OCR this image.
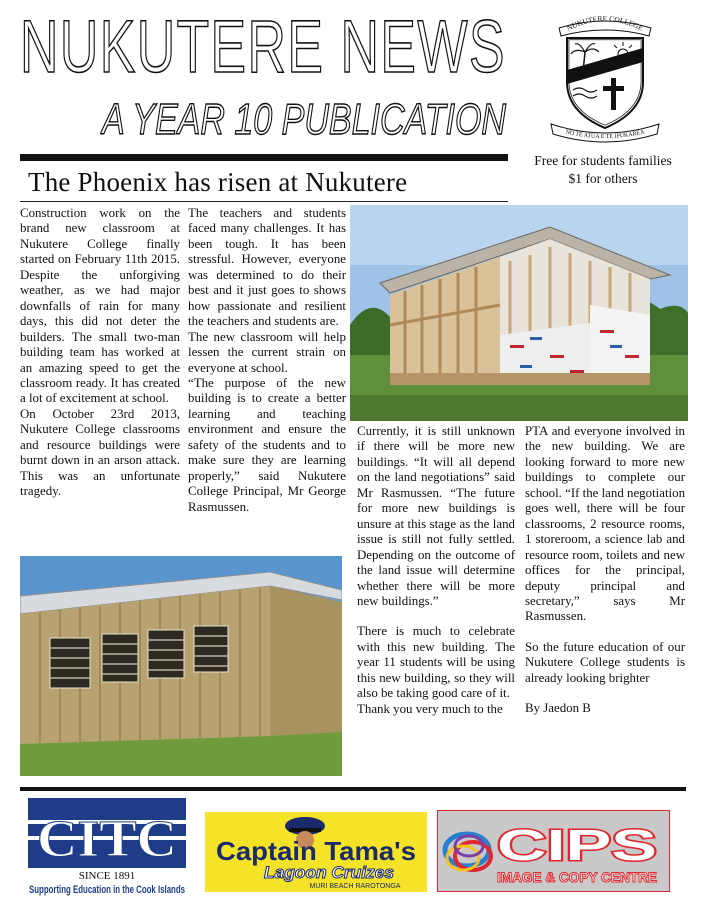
NUKUTERE NEWS
A YEAR 10 PUBLICATION
NUKUTERE COLLEGE
NO TE ATUA E TE IPUKAREA
Free for students families
$1 for others
The Phoenix has risen at Nukutere

Construction work on the brand new classroom at Nukutere College finally started on February 11th 2015. Despite the unforgiving weather, as we had major downfalls of rain for many days, this did not deter the builders. The small two-man building team has worked at an amazing speed to get the classroom ready. It has created a lot of excitement at school.

On October 23rd 2013, Nukutere College classrooms and resource buildings were burnt down in an arson attack. This was an unfortunate tragedy.

The teachers and students faced many challenges. It has been tough. It has been stressful. However, everyone was determined to do their best and it just goes to shows how passionate and resilient the teachers and students are.

The new classroom will help lessen the current strain on everyone at school.

“The purpose of the new building is to create a better learning and teaching environment and ensure the safety of the students and to make sure they are learning properly,” said Nukutere College Principal, Mr George Rasmussen.

Currently, it is still unknown if there will be more new buildings. “It will all depend on the land negotiations” said Mr Rasmussen. “The future for more new buildings is unsure at this stage as the land issue is still not fully settled. Depending on the outcome of the land issue will determine whether there will be more new buildings.”

There is much to celebrate with this new building. The year 11 students will be using this new building, so they will also be taking good care of it.

Thank you very much to the

PTA and everyone involved in the new building. We are looking forward to more new buildings to complete our school. “If the land negotiation goes well, there will be four classrooms, 2 resource rooms, 1 storeroom, a science lab and resource room, toilets and new offices for the principal, deputy principal and secretary,” says Mr Rasmussen.

So the future education of our Nukutere College students is already looking brighter

By Jaedon B

CITC
SINCE 1891
Supporting Education in the Cook Islands
Captain Tama's
Lagoon Cruizes
MURI BEACH RAROTONGA
CIPS
IMAGE & COPY CENTRE
